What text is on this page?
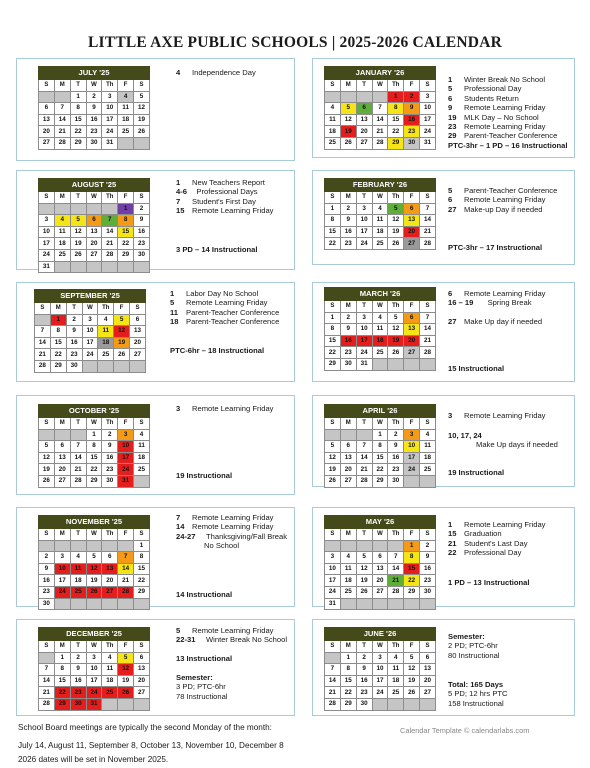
LITTLE AXE PUBLIC SCHOOLS | 2025-2026 CALENDAR
JULY '25						
S	M	T	W	Th	F	S
		1	2	3	4	5
6	7	8	9	10	11	12
13	14	15	16	17	18	19
20	21	22	23	24	25	26
27	28	29	30	31		
AUGUST '25						
S	M	T	W	Th	F	S
					1	2
3	4	5	6	7	8	9
10	11	12	13	14	15	16
17	18	19	20	21	22	23
24	25	26	27	28	29	30
31						
SEPTEMBER '25						
S	M	T	W	Th	F	S
	1	2	3	4	5	6
7	8	9	10	11	12	13
14	15	16	17	18	19	20
21	22	23	24	25	26	27
28	29	30				
OCTOBER '25						
S	M	T	W	Th	F	S
			1	2	3	4
5	6	7	8	9	10	11
12	13	14	15	16	17	18
19	20	21	22	23	24	25
26	27	28	29	30	31	
NOVEMBER '25						
S	M	T	W	Th	F	S
						1
2	3	4	5	6	7	8
9	10	11	12	13	14	15
16	17	18	19	20	21	22
23	24	25	26	27	28	29
30						
DECEMBER '25						
S	M	T	W	Th	F	S
	1	2	3	4	5	6
7	8	9	10	11	12	13
14	15	16	17	18	19	20
21	22	23	24	25	26	27
28	29	30	31			
JANUARY '26						
S	M	T	W	Th	F	S
				1	2	3
4	5	6	7	8	9	10
11	12	13	14	15	16	17
18	19	20	21	22	23	24
25	26	27	28	29	30	31
FEBRUARY '26						
S	M	T	W	Th	F	S
1	2	3	4	5	6	7
8	9	10	11	12	13	14
15	16	17	18	19	20	21
22	23	24	25	26	27	28
MARCH '26						
S	M	T	W	Th	F	S
1	2	3	4	5	6	7
8	9	10	11	12	13	14
15	16	17	18	19	20	21
22	23	24	25	26	27	28
29	30	31				
APRIL '26						
S	M	T	W	Th	F	S
			1	2	3	4
5	6	7	8	9	10	11
12	13	14	15	16	17	18
19	20	21	22	23	24	25
26	27	28	29	30		
MAY '26						
S	M	T	W	Th	F	S
					1	2
3	4	5	6	7	8	9
10	11	12	13	14	15	16
17	18	19	20	21	22	23
24	25	26	27	28	29	30
31						
JUNE '26						
S	M	T	W	Th	F	S
	1	2	3	4	5	6
7	8	9	10	11	12	13
14	15	16	17	18	19	20
21	22	23	24	25	26	27
28	29	30				
4	Independence Day
1	New Teachers Report
4-6	Professional Days
7	Student's First Day
15 Remote Learning Friday
3 PD – 14 Instructional
1	Labor Day No School
5	Remote Learning Friday
11	Parent-Teacher Conference
18 Parent-Teacher Conference
PTC-6hr – 18 Instructional
3	Remote Learning Friday
19 Instructional
7	Remote Learning Friday
14 Remote Learning Friday
24-27	Thanksgiving/Fall Break
No School
14 Instructional
5	Remote Learning Friday
22-31	Winter Break No School
13 Instructional
Semester:
3 PD; PTC-6hr
78 Instructional
1	Winter Break No School
5	Professional Day
6	Students Return
9	Remote Learning Friday
19 MLK Day – No School
23 Remote Learning Friday
29 Parent-Teacher Conference
PTC-3hr – 1 PD – 16 Instructional
5	Parent-Teacher Conference
6	Remote Learning Friday
27 Make-up Day if needed
PTC-3hr – 17 Instructional
6	Remote Learning Friday
16 – 19	Spring Break
27 Make Up day if needed
15 Instructional
3	Remote Learning Friday
10, 17, 24
Make Up days if needed
19 Instructional
1	Remote Learning Friday
15 Graduation
21 Student's Last Day
22 Professional Day
1 PD – 13 Instructional
Semester:
2 PD; PTC-6hr
80 Instructional
Total: 165 Days
5 PD; 12 hrs PTC
158 Instructional
School Board meetings are typically the second Monday of the month:
July 14, August 11, September 8, October 13, November 10, December 8
2026 dates will be set in November 2025.
Calendar Template © calendarlabs.com
